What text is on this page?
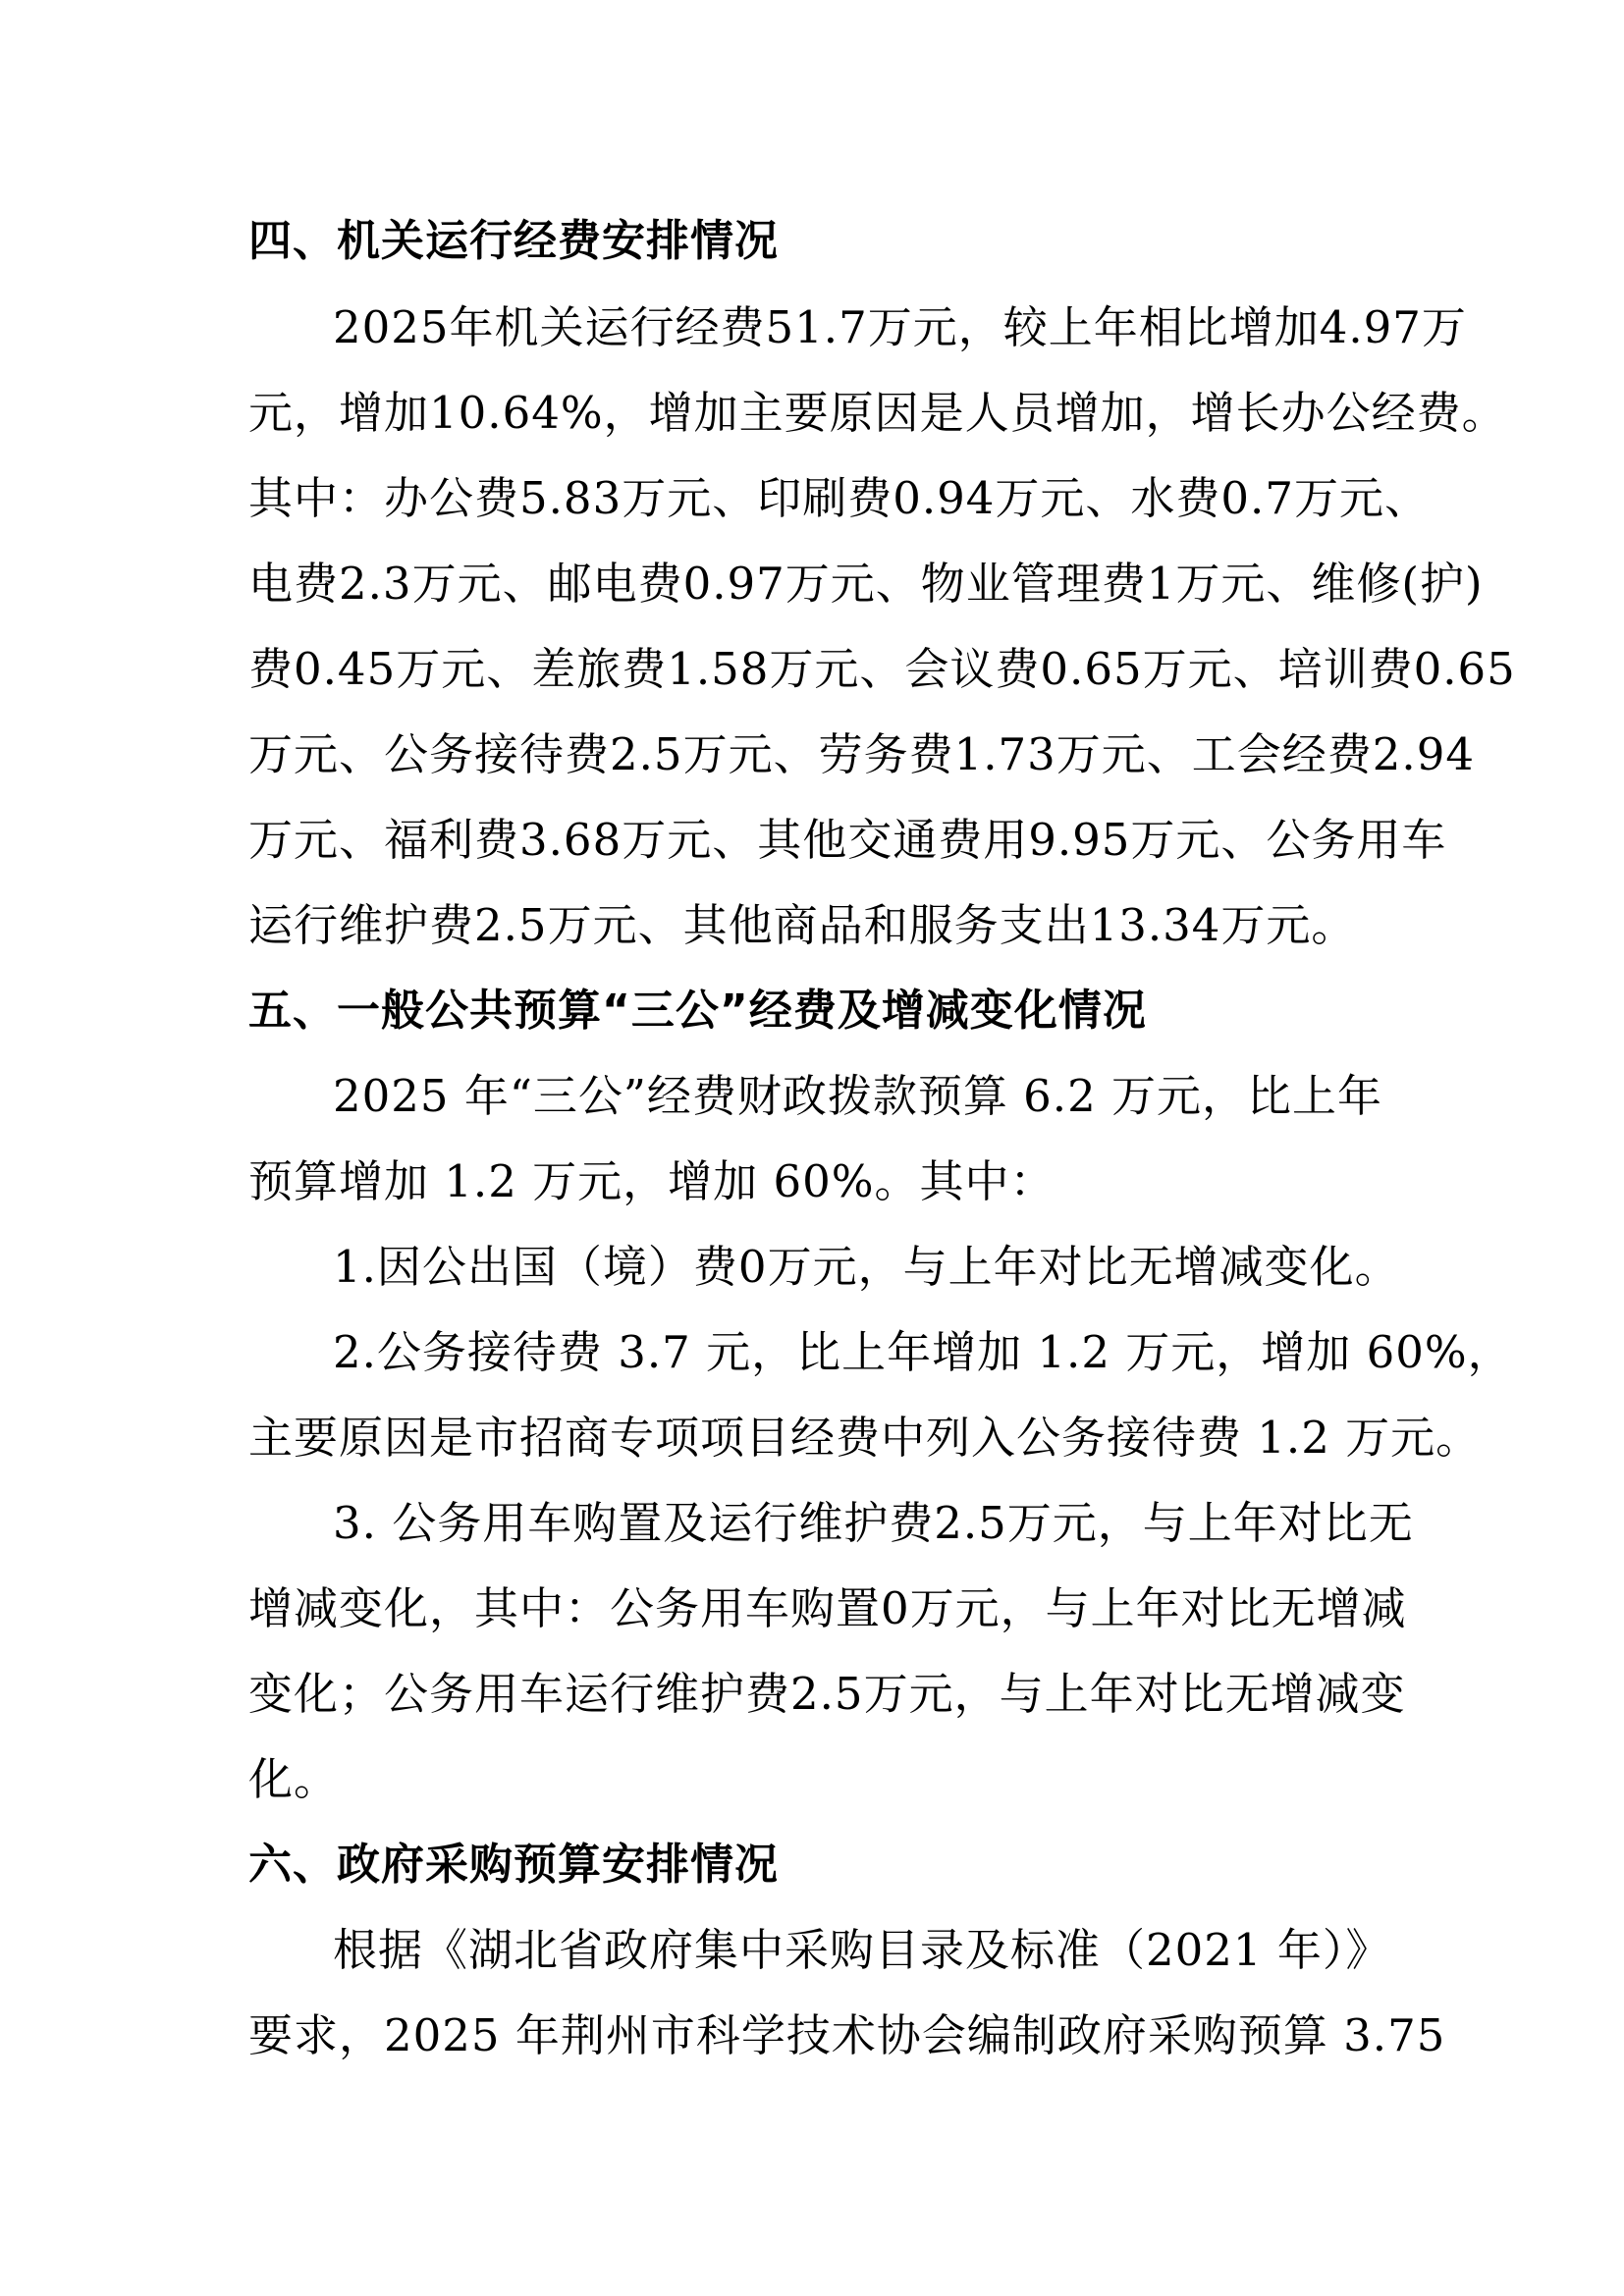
四、机关运行经费安排情况
2025年机关运行经费51.7万元，较上年相比增加4.97万
元，增加10.64%，增加主要原因是人员增加，增长办公经费。
其中：办公费5.83万元、印刷费0.94万元、水费0.7万元、
电费2.3万元、邮电费0.97万元、物业管理费1万元、维修(护)
费0.45万元、差旅费1.58万元、会议费0.65万元、培训费0.65
万元、公务接待费2.5万元、劳务费1.73万元、工会经费2.94
万元、福利费3.68万元、其他交通费用9.95万元、公务用车
运行维护费2.5万元、其他商品和服务支出13.34万元。
五、一般公共预算“三公”经费及增减变化情况
2025 年“三公”经费财政拨款预算 6.2 万元，比上年
预算增加 1.2 万元，增加 60%。其中：
1.因公出国（境）费0万元，与上年对比无增减变化。
2.公务接待费 3.7 元，比上年增加 1.2 万元，增加 60%，
主要原因是市招商专项项目经费中列入公务接待费 1.2 万元。
3. 公务用车购置及运行维护费2.5万元，与上年对比无
增减变化，其中：公务用车购置0万元，与上年对比无增减
变化；公务用车运行维护费2.5万元，与上年对比无增减变
化。
六、政府采购预算安排情况
根据《湖北省政府集中采购目录及标准（2021 年）》
要求，2025 年荆州市科学技术协会编制政府采购预算 3.75
